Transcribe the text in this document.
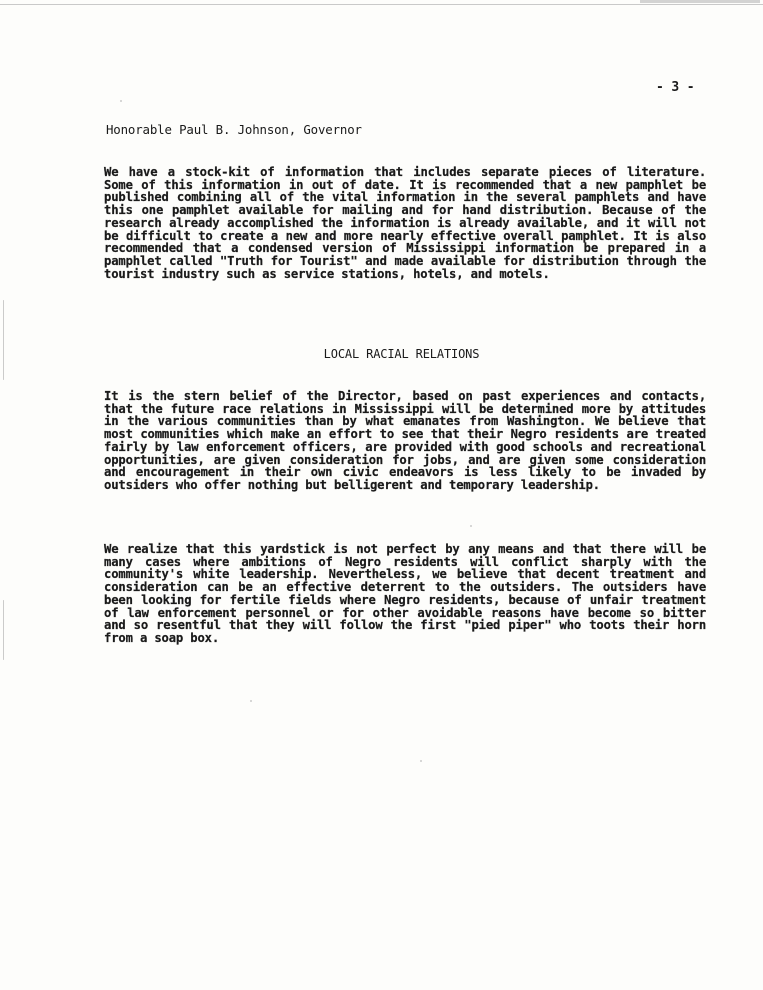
- 3 -
Honorable Paul B. Johnson, Governor
We have a stock-kit of information that includes separate pieces of literature. Some of this information in out of date. It is recommended that a new pamphlet be published combining all of the vital information in the several pamphlets and have this one pamphlet available for mailing and for hand distribution. Because of the research already accomplished the information is already available, and it will not be difficult to create a new and more nearly effective overall pamphlet. It is also recommended that a condensed version of Mississippi information be prepared in a pamphlet called "Truth for Tourist" and made available for distribution through the tourist industry such as service stations, hotels, and motels.
LOCAL RACIAL RELATIONS
It is the stern belief of the Director, based on past experiences and contacts, that the future race relations in Mississippi will be determined more by attitudes in the various communities than by what emanates from Washington. We believe that most communities which make an effort to see that their Negro residents are treated fairly by law enforcement officers, are provided with good schools and recreational opportunities, are given consideration for jobs, and are given some consideration and encouragement in their own civic endeavors is less likely to be invaded by outsiders who offer nothing but belligerent and temporary leadership.
We realize that this yardstick is not perfect by any means and that there will be many cases where ambitions of Negro residents will conflict sharply with the community's white leadership. Nevertheless, we believe that decent treatment and consideration can be an effective deterrent to the outsiders. The outsiders have been looking for fertile fields where Negro residents, because of unfair treatment of law enforcement personnel or for other avoidable reasons have become so bitter and so resentful that they will follow the first "pied piper" who toots their horn from a soap box.
